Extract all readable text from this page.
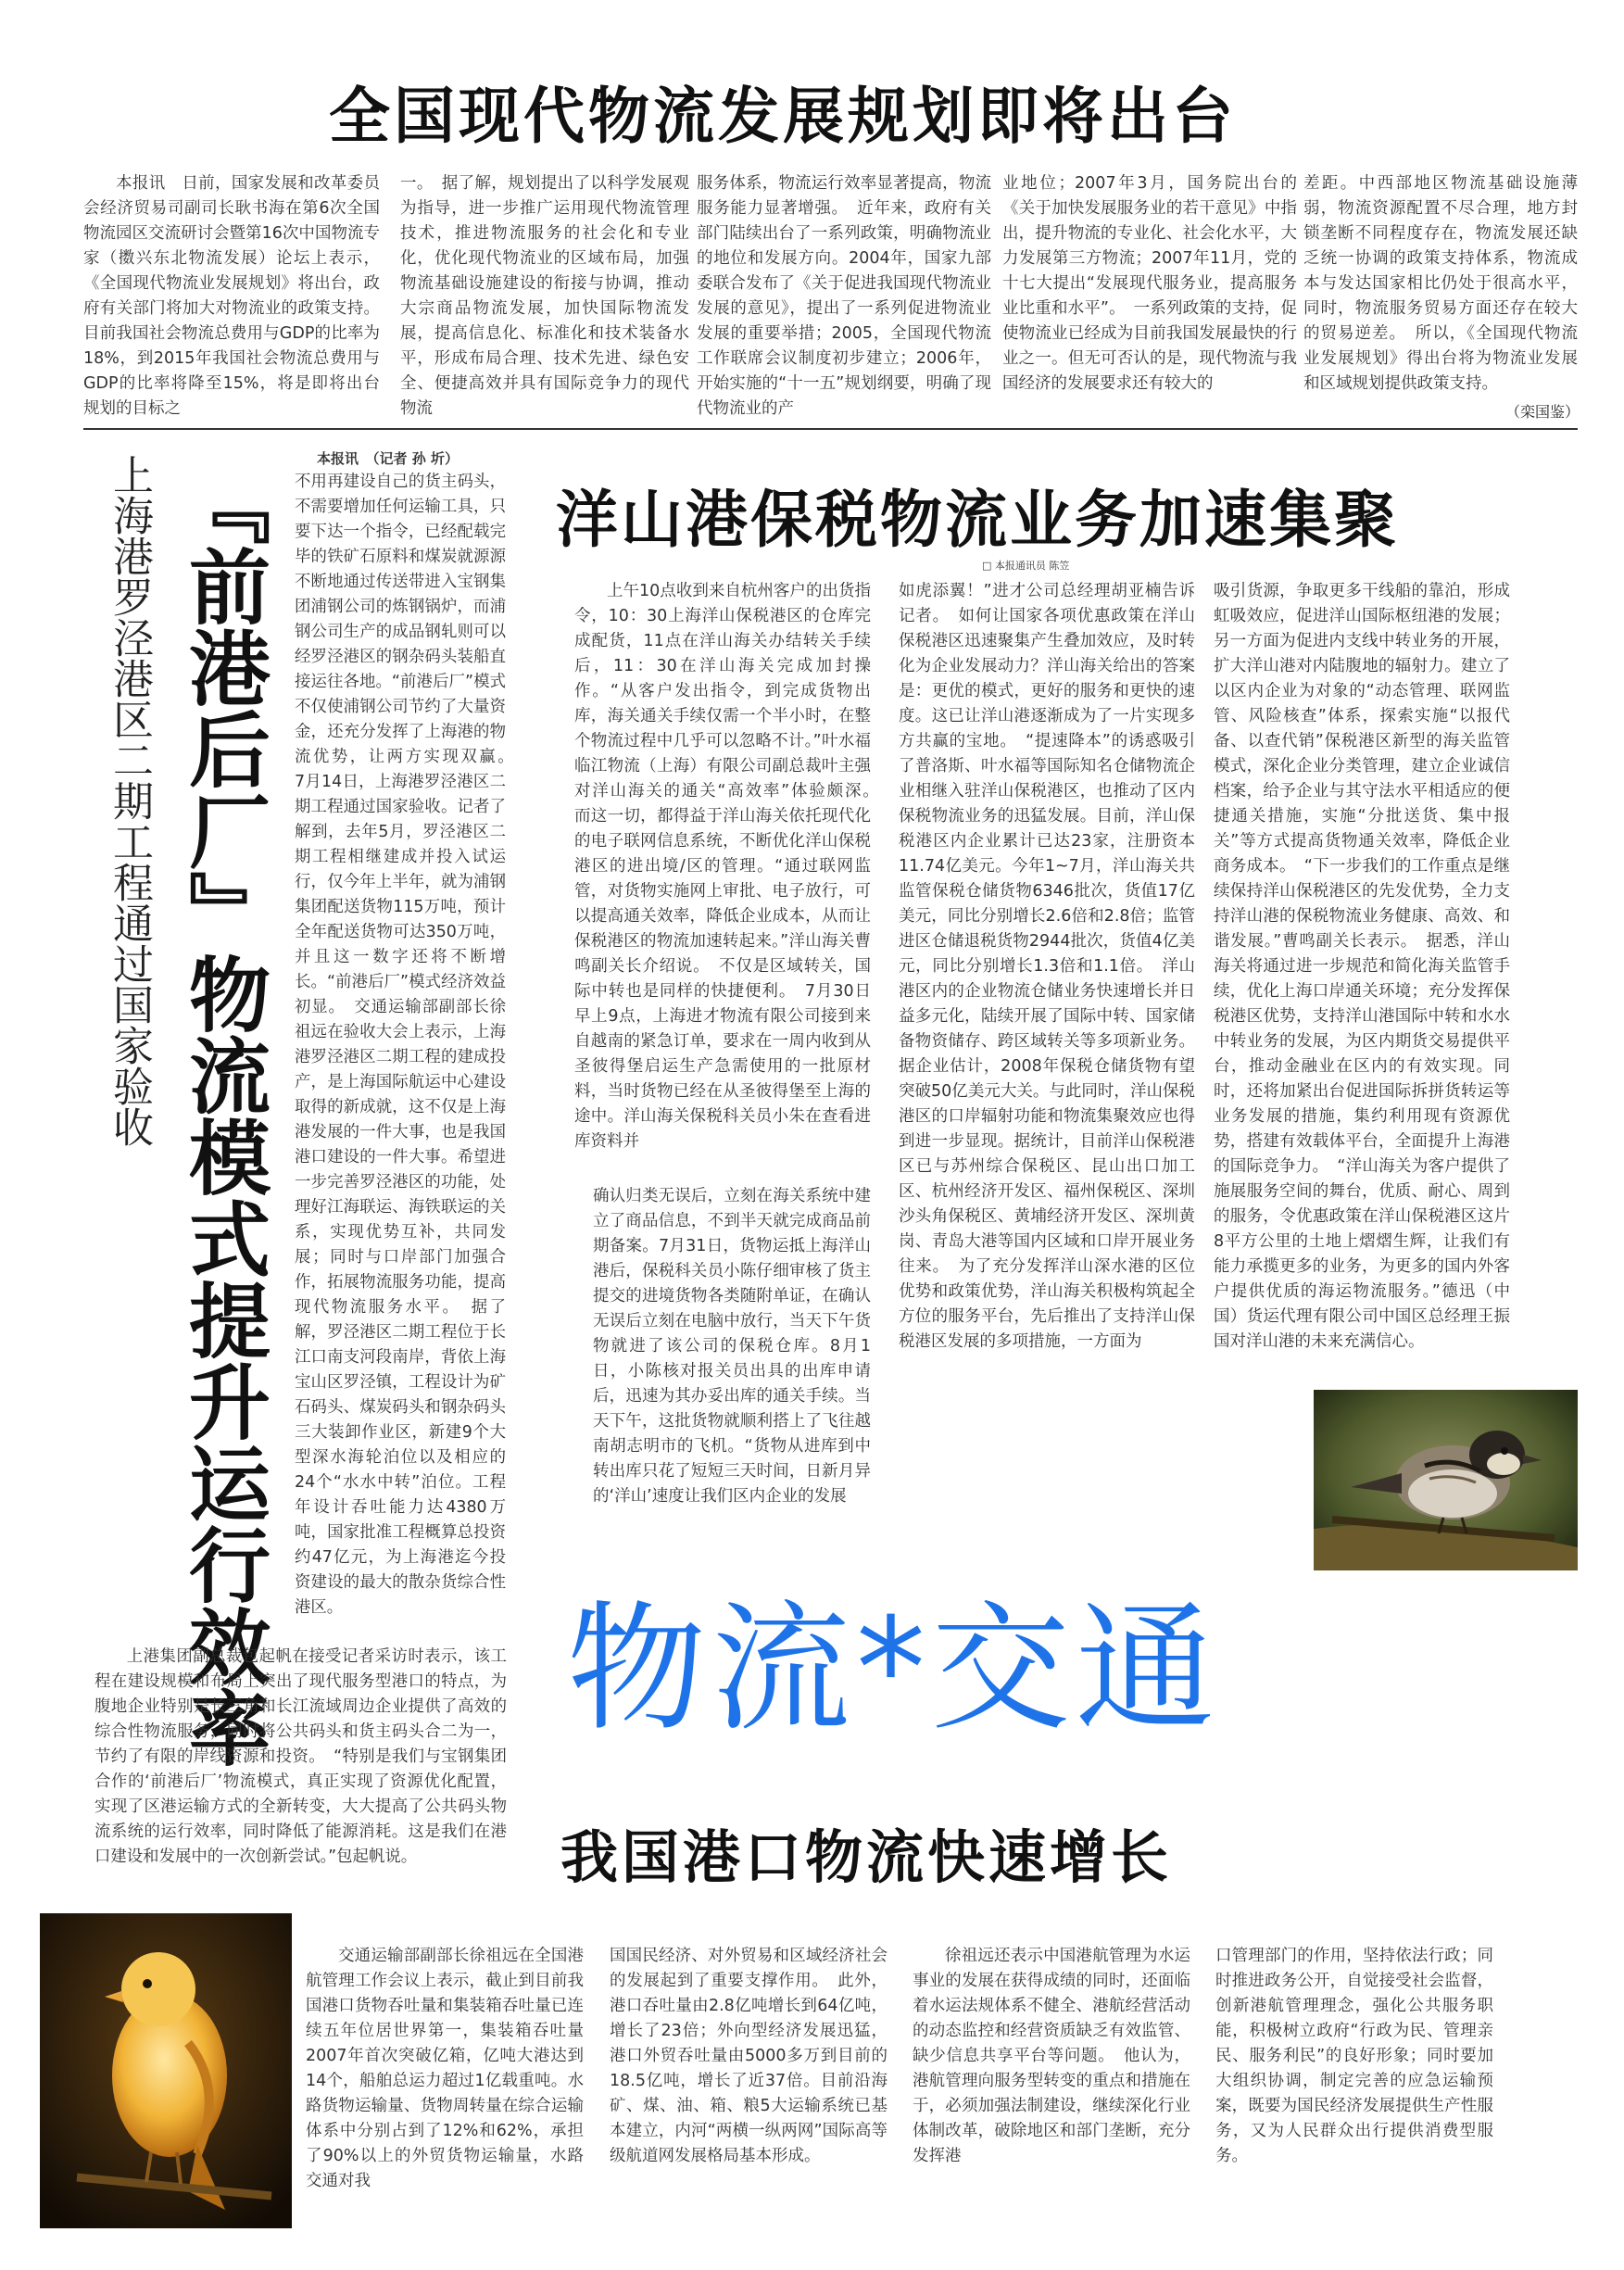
全国现代物流发展规划即将出台

本报讯　日前，国家发展和改革委员会经济贸易司副司长耿书海在第6次全国物流园区交流研讨会暨第16次中国物流专家（擞兴东北物流发展）论坛上表示，《全国现代物流业发展规划》将出台，政府有关部门将加大对物流业的政策支持。目前我国社会物流总费用与GDP的比率为18%，到2015年我国社会物流总费用与GDP的比率将降至15%，将是即将出台规划的目标之

一。　据了解，规划提出了以科学发展观为指导，进一步推广运用现代物流管理技术，推进物流服务的社会化和专业化，优化现代物流业的区域布局，加强物流基础设施建设的衔接与协调，推动大宗商品物流发展，加快国际物流发展，提高信息化、标准化和技术装备水平，形成布局合理、技术先进、绿色安全、便捷高效并具有国际竞争力的现代物流

服务体系，物流运行效率显著提高，物流服务能力显著增强。　近年来，政府有关部门陆续出台了一系列政策，明确物流业的地位和发展方向。2004年，国家九部委联合发布了《关于促进我国现代物流业发展的意见》，提出了一系列促进物流业发展的重要举措；2005，全国现代物流工作联席会议制度初步建立；2006年，开始实施的“十一五”规划纲要，明确了现代物流业的产

业地位；2007年3月，国务院出台的《关于加快发展服务业的若干意见》中指出，提升物流的专业化、社会化水平，大力发展第三方物流；2007年11月，党的十七大提出“发展现代服务业，提高服务业比重和水平”。　一系列政策的支持，促使物流业已经成为目前我国发展最快的行业之一。但无可否认的是，现代物流与我国经济的发展要求还有较大的

差距。中西部地区物流基础设施薄弱，物流资源配置不尽合理，地方封锁垄断不同程度存在，物流发展还缺乏统一协调的政策支持体系，物流成本与发达国家相比仍处于很高水平，同时，物流服务贸易方面还存在较大的贸易逆差。　所以，《全国现代物流业发展规划》得出台将为物流业发展和区域规划提供政策支持。

（栾国鉴）
上海港罗泾港区二期工程通过国家验收 『前港后厂』物流模式提升运行效率
本报讯　（记者 孙 圻）

不用再建设自己的货主码头，不需要增加任何运输工具，只要下达一个指令，已经配载完毕的铁矿石原料和煤炭就源源不断地通过传送带进入宝钢集团浦钢公司的炼钢锅炉，而浦钢公司生产的成品钢轧则可以经罗泾港区的钢杂码头装船直接运往各地。“前港后厂”模式不仅使浦钢公司节约了大量资金，还充分发挥了上海港的物流优势，让两方实现双赢。　7月14日，上海港罗泾港区二期工程通过国家验收。记者了解到，去年5月，罗泾港区二期工程相继建成并投入试运行，仅今年上半年，就为浦钢集团配送货物115万吨，预计全年配送货物可达350万吨，并且这一数字还将不断增长。“前港后厂”模式经济效益初显。　交通运输部副部长徐祖远在验收大会上表示，上海港罗泾港区二期工程的建成投产，是上海国际航运中心建设取得的新成就，这不仅是上海港发展的一件大事，也是我国港口建设的一件大事。希望进一步完善罗泾港区的功能，处理好江海联运、海铁联运的关系，实现优势互补，共同发展；同时与口岸部门加强合作，拓展物流服务功能，提高现代物流服务水平。　据了解，罗泾港区二期工程位于长江口南支河段南岸，背依上海宝山区罗泾镇，工程设计为矿石码头、煤炭码头和钢杂码头三大装卸作业区，新建9个大型深水海轮泊位以及相应的24个“水水中转”泊位。工程年设计吞吐能力达4380万吨，国家批准工程概算总投资约47亿元，为上海港迄今投资建设的最大的散杂货综合性港区。

上港集团副总裁包起帆在接受记者采访时表示，该工程在建设规模和布局上突出了现代服务型港口的特点，为腹地企业特别是长三角和长江流域周边企业提供了高效的综合性物流服务，同时将公共码头和货主码头合二为一，节约了有限的岸线资源和投资。　“特别是我们与宝钢集团合作的‘前港后厂’物流模式，真正实现了资源优化配置，实现了区港运输方式的全新转变，大大提高了公共码头物流系统的运行效率，同时降低了能源消耗。这是我们在港口建设和发展中的一次创新尝试。”包起帆说。

洋山港保税物流业务加速集聚
□ 本报通讯员 陈笠

上午10点收到来自杭州客户的出货指令，10：30上海洋山保税港区的仓库完成配货，11点在洋山海关办结转关手续后，11：30在洋山海关完成加封操作。“从客户发出指令，到完成货物出库，海关通关手续仅需一个半小时，在整个物流过程中几乎可以忽略不计。”叶水福临江物流（上海）有限公司副总裁叶主强对洋山海关的通关“高效率”体验颇深。　而这一切，都得益于洋山海关依托现代化的电子联网信息系统，不断优化洋山保税港区的进出境/区的管理。“通过联网监管，对货物实施网上审批、电子放行，可以提高通关效率，降低企业成本，从而让保税港区的物流加速转起来。”洋山海关曹鸣副关长介绍说。　不仅是区域转关，国际中转也是同样的快捷便利。　7月30日早上9点，上海进才物流有限公司接到来自越南的紧急订单，要求在一周内收到从圣彼得堡启运生产急需使用的一批原材料，当时货物已经在从圣彼得堡至上海的途中。洋山海关保税科关员小朱在查看进库资料并

确认归类无误后，立刻在海关系统中建立了商品信息，不到半天就完成商品前期备案。7月31日，货物运抵上海洋山港后，保税科关员小陈仔细审核了货主提交的进境货物各类随附单证，在确认无误后立刻在电脑中放行，当天下午货物就进了该公司的保税仓库。8月1日，小陈核对报关员出具的出库申请后，迅速为其办妥出库的通关手续。当天下午，这批货物就顺利搭上了飞往越南胡志明市的飞机。“货物从进库到中转出库只花了短短三天时间，日新月异的‘洋山’速度让我们区内企业的发展

如虎添翼！”进才公司总经理胡亚楠告诉记者。　如何让国家各项优惠政策在洋山保税港区迅速聚集产生叠加效应，及时转化为企业发展动力？洋山海关给出的答案是：更优的模式，更好的服务和更快的速度。这已让洋山港逐渐成为了一片实现多方共赢的宝地。　“提速降本”的诱惑吸引了普洛斯、叶水福等国际知名仓储物流企业相继入驻洋山保税港区，也推动了区内保税物流业务的迅猛发展。目前，洋山保税港区内企业累计已达23家，注册资本11.74亿美元。今年1~7月，洋山海关共监管保税仓储货物6346批次，货值17亿美元，同比分别增长2.6倍和2.8倍；监管进区仓储退税货物2944批次，货值4亿美元，同比分别增长1.3倍和1.1倍。　洋山港区内的企业物流仓储业务快速增长并日益多元化，陆续开展了国际中转、国家储备物资储存、跨区域转关等多项新业务。据企业估计，2008年保税仓储货物有望突破50亿美元大关。与此同时，洋山保税港区的口岸辐射功能和物流集聚效应也得到进一步显现。据统计，目前洋山保税港区已与苏州综合保税区、昆山出口加工区、杭州经济开发区、福州保税区、深圳沙头角保税区、黄埔经济开发区、深圳黄岗、青岛大港等国内区域和口岸开展业务往来。　为了充分发挥洋山深水港的区位优势和政策优势，洋山海关积极构筑起全方位的服务平台，先后推出了支持洋山保税港区发展的多项措施，一方面为

吸引货源，争取更多干线船的靠泊，形成虹吸效应，促进洋山国际枢纽港的发展；另一方面为促进内支线中转业务的开展，扩大洋山港对内陆腹地的辐射力。建立了以区内企业为对象的“动态管理、联网监管、风险核查”体系，探索实施“以报代备、以查代销”保税港区新型的海关监管模式，深化企业分类管理，建立企业诚信档案，给予企业与其守法水平相适应的便捷通关措施，实施“分批送货、集中报关”等方式提高货物通关效率，降低企业商务成本。　“下一步我们的工作重点是继续保持洋山保税港区的先发优势，全力支持洋山港的保税物流业务健康、高效、和谐发展。”曹鸣副关长表示。　据悉，洋山海关将通过进一步规范和简化海关监管手续，优化上海口岸通关环境；充分发挥保税港区优势，支持洋山港国际中转和水水中转业务的发展，为区内期货交易提供平台，推动金融业在区内的有效实现。同时，还将加紧出台促进国际拆拼货转运等业务发展的措施，集约利用现有资源优势，搭建有效载体平台，全面提升上海港的国际竞争力。　“洋山海关为客户提供了施展服务空间的舞台，优质、耐心、周到的服务，令优惠政策在洋山保税港区这片8平方公里的土地上熠熠生辉，让我们有能力承揽更多的业务，为更多的国内外客户提供优质的海运物流服务。”德迅（中国）货运代理有限公司中国区总经理王振国对洋山港的未来充满信心。

物流*交通
我国港口物流快速增长

交通运输部副部长徐祖远在全国港航管理工作会议上表示，截止到目前我国港口货物吞吐量和集装箱吞吐量已连续五年位居世界第一，集装箱吞吐量2007年首次突破亿箱，亿吨大港达到14个，船舶总运力超过1亿载重吨。水路货物运输量、货物周转量在综合运输体系中分别占到了12%和62%，承担了90%以上的外贸货物运输量，水路交通对我

国国民经济、对外贸易和区域经济社会的发展起到了重要支撑作用。　此外，港口吞吐量由2.8亿吨增长到64亿吨，增长了23倍；外向型经济发展迅猛，港口外贸吞吐量由5000多万到目前的18.5亿吨，增长了近37倍。目前沿海矿、煤、油、箱、粮5大运输系统已基本建立，内河“两横一纵两网”国际高等级航道网发展格局基本形成。

徐祖远还表示中国港航管理为水运事业的发展在获得成绩的同时，还面临着水运法规体系不健全、港航经营活动的动态监控和经营资质缺乏有效监管、缺少信息共享平台等问题。　他认为，港航管理向服务型转变的重点和措施在于，必须加强法制建设，继续深化行业体制改革，破除地区和部门垄断，充分发挥港

口管理部门的作用，坚持依法行政；同时推进政务公开，自觉接受社会监督，创新港航管理理念，强化公共服务职能，积极树立政府“行政为民、管理亲民、服务利民”的良好形象；同时要加大组织协调，制定完善的应急运输预案，既要为国民经济发展提供生产性服务，又为人民群众出行提供消费型服务。
